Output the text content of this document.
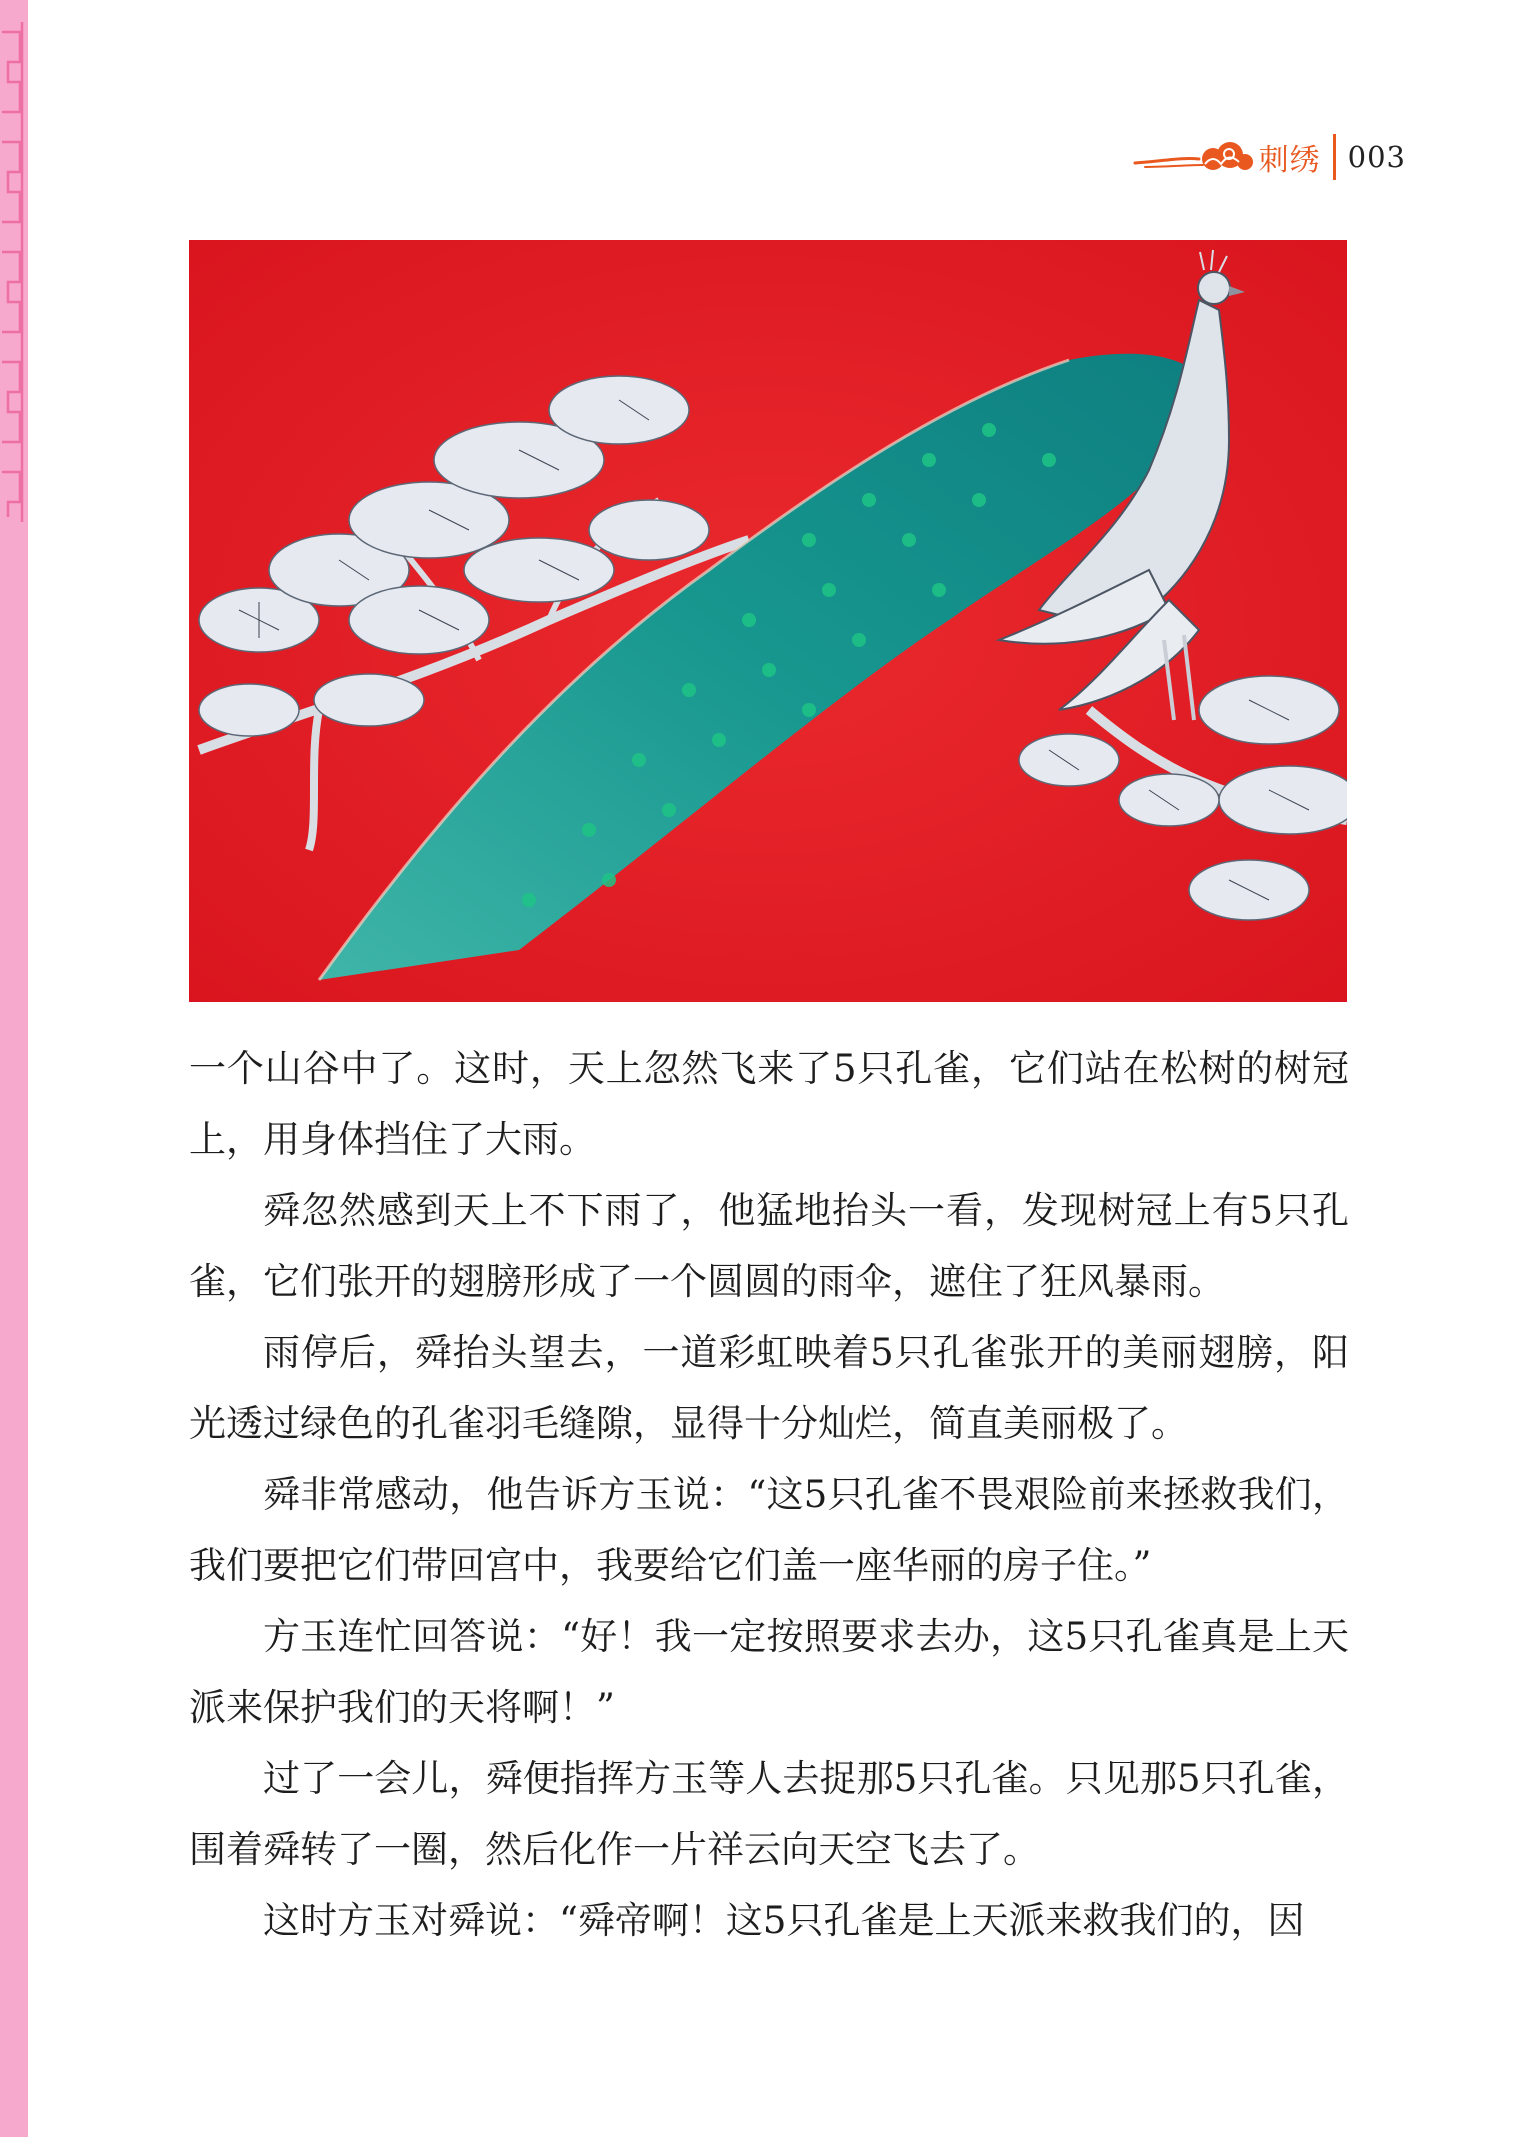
刺绣 003

一个山谷中了。这时，天上忽然飞来了5只孔雀，它们站在松树的树冠上，用身体挡住了大雨。

舜忽然感到天上不下雨了，他猛地抬头一看，发现树冠上有5只孔雀，它们张开的翅膀形成了一个圆圆的雨伞，遮住了狂风暴雨。

雨停后，舜抬头望去，一道彩虹映着5只孔雀张开的美丽翅膀，阳光透过绿色的孔雀羽毛缝隙，显得十分灿烂，简直美丽极了。

舜非常感动，他告诉方玉说：“这5只孔雀不畏艰险前来拯救我们，我们要把它们带回宫中，我要给它们盖一座华丽的房子住。”

方玉连忙回答说：“好！我一定按照要求去办，这5只孔雀真是上天派来保护我们的天将啊！”

过了一会儿，舜便指挥方玉等人去捉那5只孔雀。只见那5只孔雀，围着舜转了一圈，然后化作一片祥云向天空飞去了。

这时方玉对舜说：“舜帝啊！这5只孔雀是上天派来救我们的，因
